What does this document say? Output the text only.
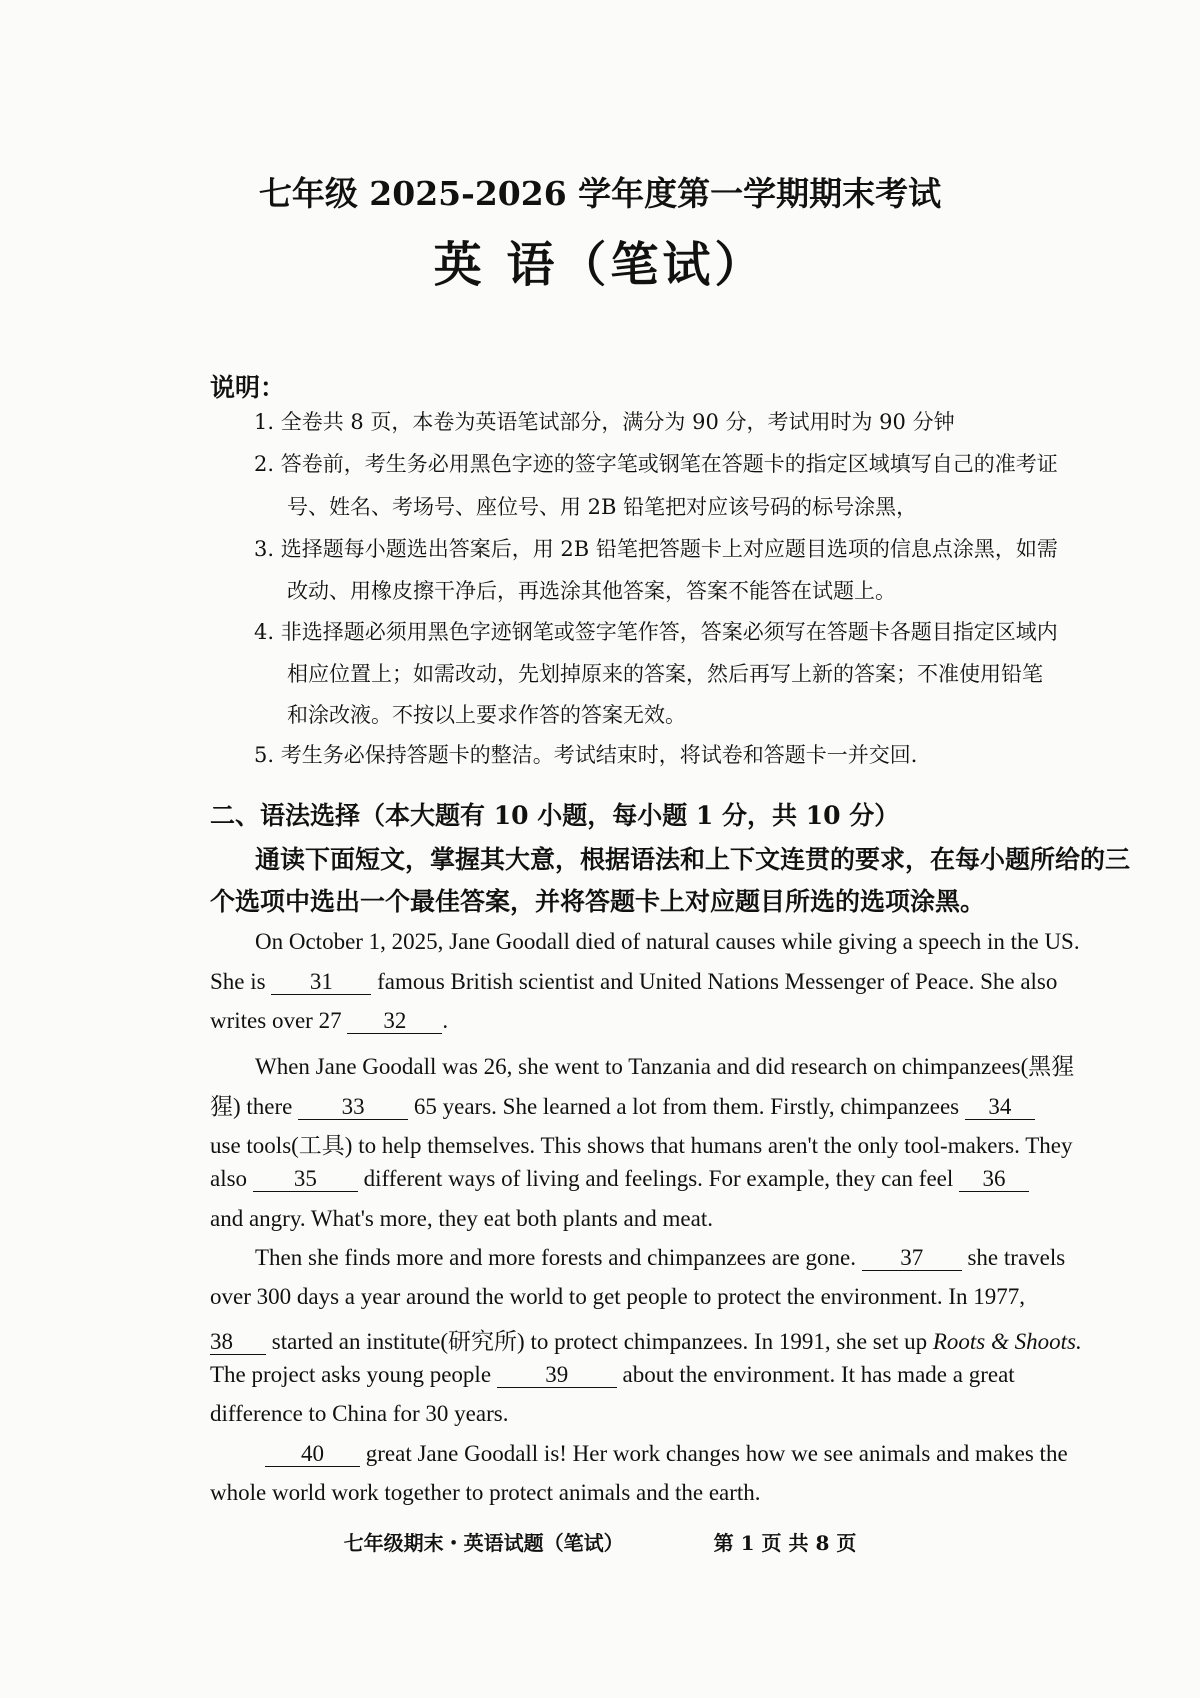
七年级 2025-2026 学年度第一学期期末考试
英 语（笔试）
说明：
1. 全卷共 8 页，本卷为英语笔试部分，满分为 90 分，考试用时为 90 分钟
2. 答卷前，考生务必用黑色字迹的签字笔或钢笔在答题卡的指定区域填写自己的准考证
号、姓名、考场号、座位号、用 2B 铅笔把对应该号码的标号涂黑，
3. 选择题每小题选出答案后，用 2B 铅笔把答题卡上对应题目选项的信息点涂黑，如需
改动、用橡皮擦干净后，再选涂其他答案，答案不能答在试题上。
4. 非选择题必须用黑色字迹钢笔或签字笔作答，答案必须写在答题卡各题目指定区域内
相应位置上；如需改动，先划掉原来的答案，然后再写上新的答案；不准使用铅笔
和涂改液。不按以上要求作答的答案无效。
5. 考生务必保持答题卡的整洁。考试结束时，将试卷和答题卡一并交回．
二、语法选择（本大题有 10 小题，每小题 1 分，共 10 分）
通读下面短文，掌握其大意，根据语法和上下文连贯的要求，在每小题所给的三
个选项中选出一个最佳答案，并将答题卡上对应题目所选的选项涂黑。
On October 1, 2025, Jane Goodall died of natural causes while giving a speech in the US.
She is 31 famous British scientist and United Nations Messenger of Peace. She also
writes over 27 32 .
When Jane Goodall was 26, she went to Tanzania and did research on chimpanzees(黑猩
猩) there 33 65 years. She learned a lot from them. Firstly, chimpanzees 34
use tools(工具) to help themselves. This shows that humans aren't the only tool-makers. They
also 35 different ways of living and feelings. For example, they can feel 36
and angry. What's more, they eat both plants and meat.
Then she finds more and more forests and chimpanzees are gone. 37 she travels
over 300 days a year around the world to get people to protect the environment. In 1977,
38 started an institute(研究所) to protect chimpanzees. In 1991, she set up Roots & Shoots.
The project asks young people 39 about the environment. It has made a great
difference to China for 30 years.
40 great Jane Goodall is! Her work changes how we see animals and makes the
whole world work together to protect animals and the earth.
七年级期末・英语试题（笔试）	第 1 页 共 8 页
